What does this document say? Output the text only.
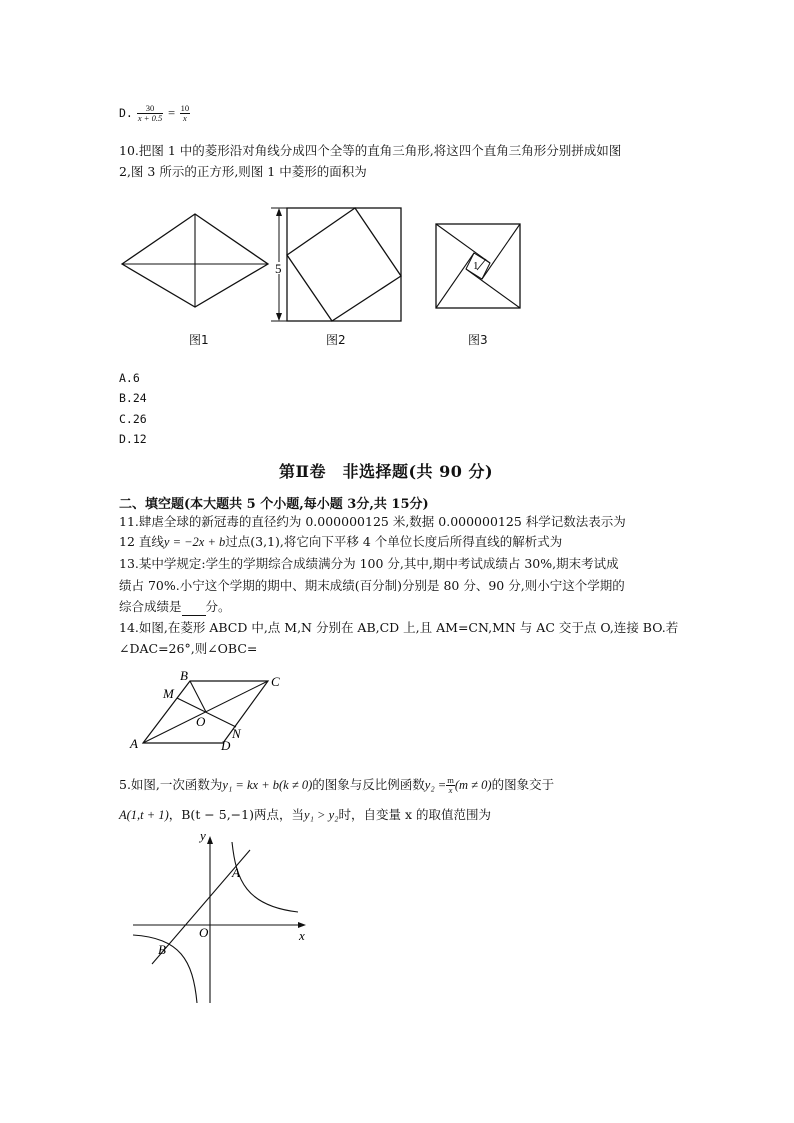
D. $\frac{30}{x + 0.5} = \frac{10}{x}$
10.把图 1 中的菱形沿对角线分成四个全等的直角三角形,将这四个直角三角形分别拼成如图
2,图 3 所示的正方形,则图 1 中菱形的面积为
5	1
图1	图2	图3
A.6
B.24
C.26
D.12
第Ⅱ卷　非选择题(共 90 分)
二、填空题(本大题共 5 个小题,每小题 3分,共 15分)
11.肆虐全球的新冠毒的直径约为 0.000000125 米,数据 0.000000125 科学记数法表示为
12 直线y = −2x + b过点(3,1),将它向下平移 4 个单位长度后所得直线的解析式为
13.某中学规定:学生的学期综合成绩满分为 100 分,其中,期中考试成绩占 30%,期末考试成
绩占 70%.小宁这个学期的期中、期末成绩(百分制)分别是 80 分、90 分,则小宁这个学期的
综合成绩是 分。
14.如图,在菱形 ABCD 中,点 M,N 分别在 AB,CD 上,且 AM=CN,MN 与 AC 交于点 O,连接 BO.若
∠DAC=26°,则∠OBC=
B	C
M
O
N
A	D
5.如图,一次函数为y₁ = kx + b(k ≠ 0)的图象与反比例函数$y_2 = \frac{m}{x} (m \ne 0)$的图象交于
A(1,t + 1)，B(t − 5,−1)两点，当y₁ > y₂时，自变量 x 的取值范围为
y
x
O
A
B
